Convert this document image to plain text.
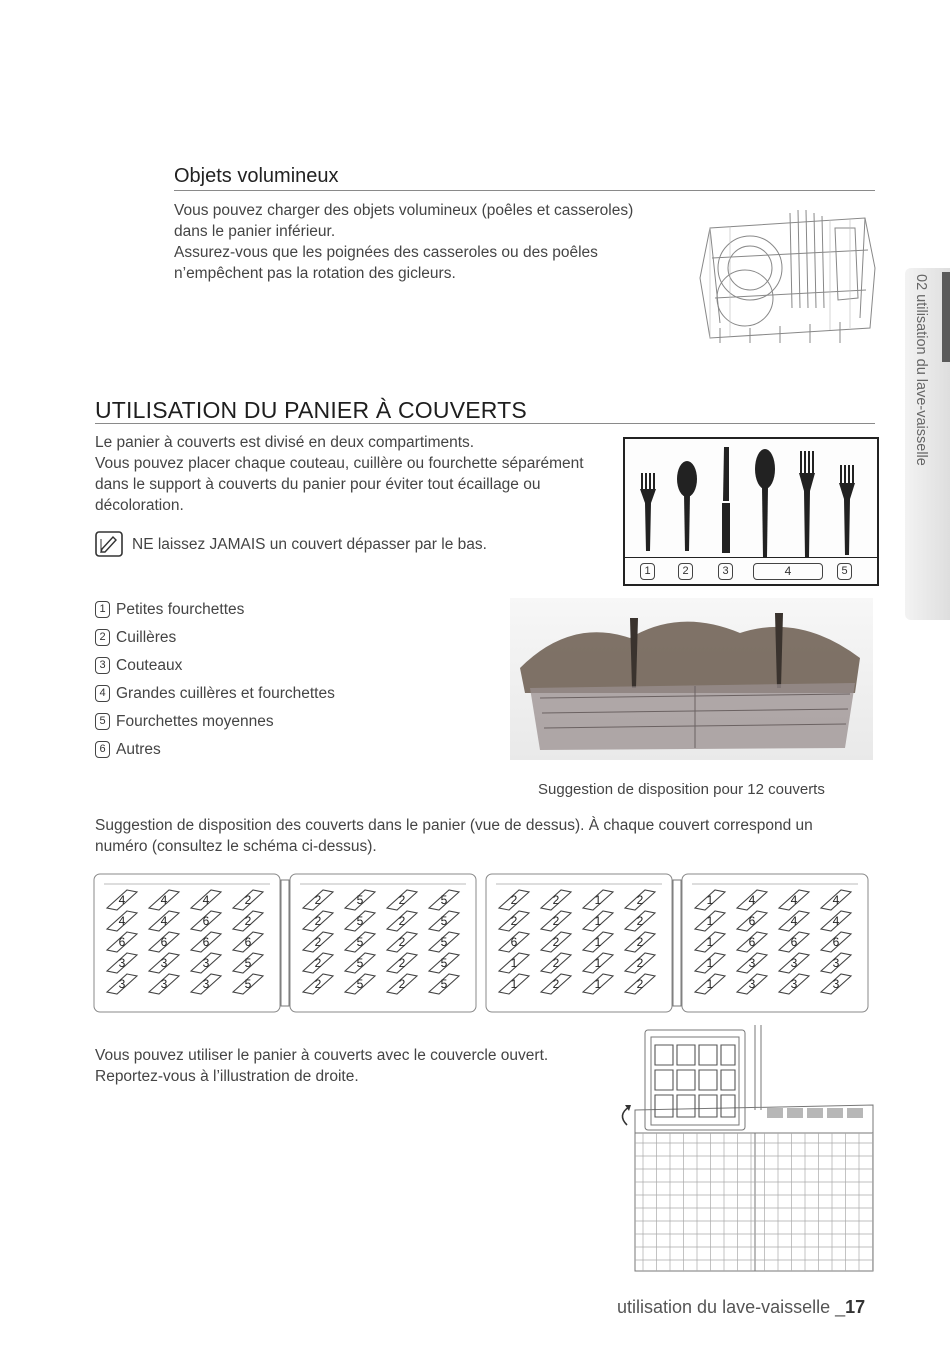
Objets volumineux
Vous pouvez charger des objets volumineux (poêles et casseroles)
dans le panier inférieur.
Assurez-vous que les poignées des casseroles ou des poêles
n’empêchent pas la rotation des gicleurs.
02 utilisation du lave-vaisselle
UTILISATION DU PANIER À COUVERTS
Le panier à couverts est divisé en deux compartiments.
Vous pouvez placer chaque couteau, cuillère ou fourchette séparément
dans le support à couverts du panier pour éviter tout écaillage ou
décoloration.
NE laissez JAMAIS un couvert dépasser par le bas.
1	2	3	4	5
1 Petites fourchettes
2 Cuillères
3 Couteaux
4 Grandes cuillères et fourchettes
5 Fourchettes moyennes
6 Autres
Suggestion de disposition pour 12 couverts
Suggestion de disposition des couverts dans le panier (vue de dessus). À chaque couvert correspond un
numéro (consultez le schéma ci-dessus).
4	4	4	2
4	4	6	2
6	6	6	6
3	3	3	5
3	3	3	5
2	5	2	5
2	5	2	5
2	5	2	5
2	5	2	5
2	5	2	5
2	2	1	2
2	2	1	2
6	2	1	2
1	2	1	2
1	2	1	2
1	4	4	4
1	6	4	4
1	6	6	6
1	3	3	3
1	3	3	3
Vous pouvez utiliser le panier à couverts avec le couvercle ouvert.
Reportez-vous à l’illustration de droite.
utilisation du lave-vaisselle _17
